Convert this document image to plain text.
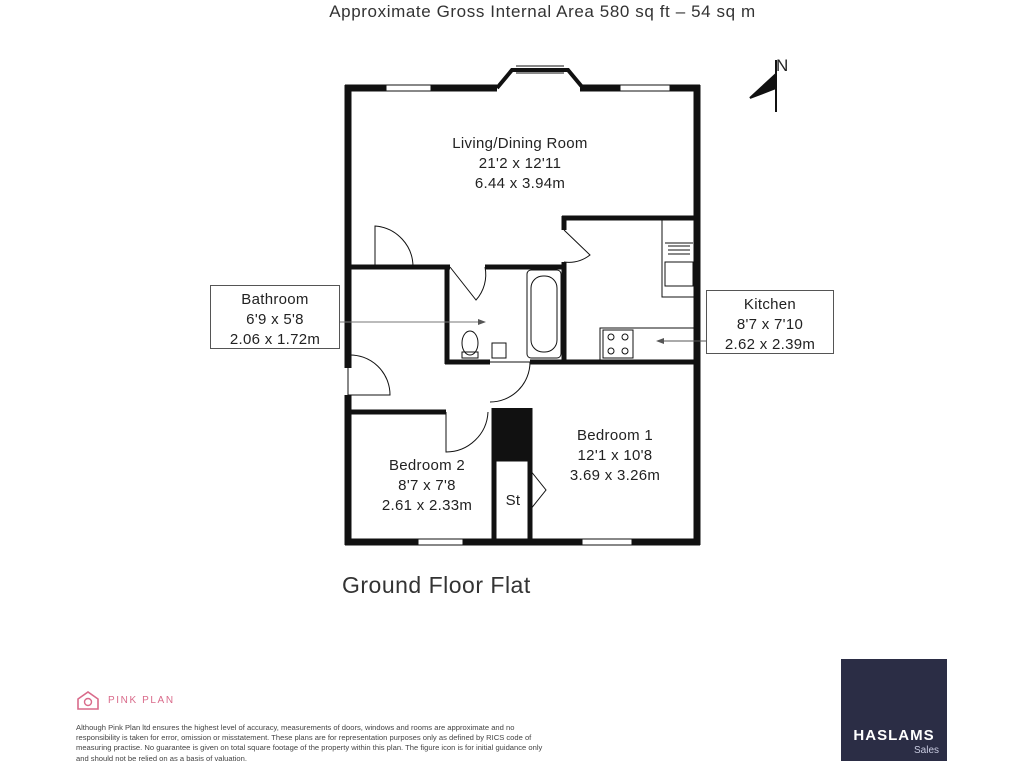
Approximate Gross Internal Area 580 sq ft – 54 sq m
N
Living/Dining Room
21'2 x 12'11
6.44 x 3.94m
Bathroom
6'9 x 5'8
2.06 x 1.72m
Kitchen
8'7 x 7'10
2.62 x 2.39m
Bedroom 1
12'1 x 10'8
3.69 x 3.26m
Bedroom 2
8'7 x 7'8
2.61 x 2.33m	St
Ground Floor Flat
PINK PLAN
Although Pink Plan ltd ensures the highest level of accuracy, measurements of doors, windows and rooms are approximate and no responsibility is taken for error, omission or misstatement. These plans are for representation purposes only as defined by RICS code of measuring practise. No guarantee is given on total square footage of the property within this plan. The figure icon is for initial guidance only and should not be relied on as a basis of valuation.
HASLAMS
Sales
